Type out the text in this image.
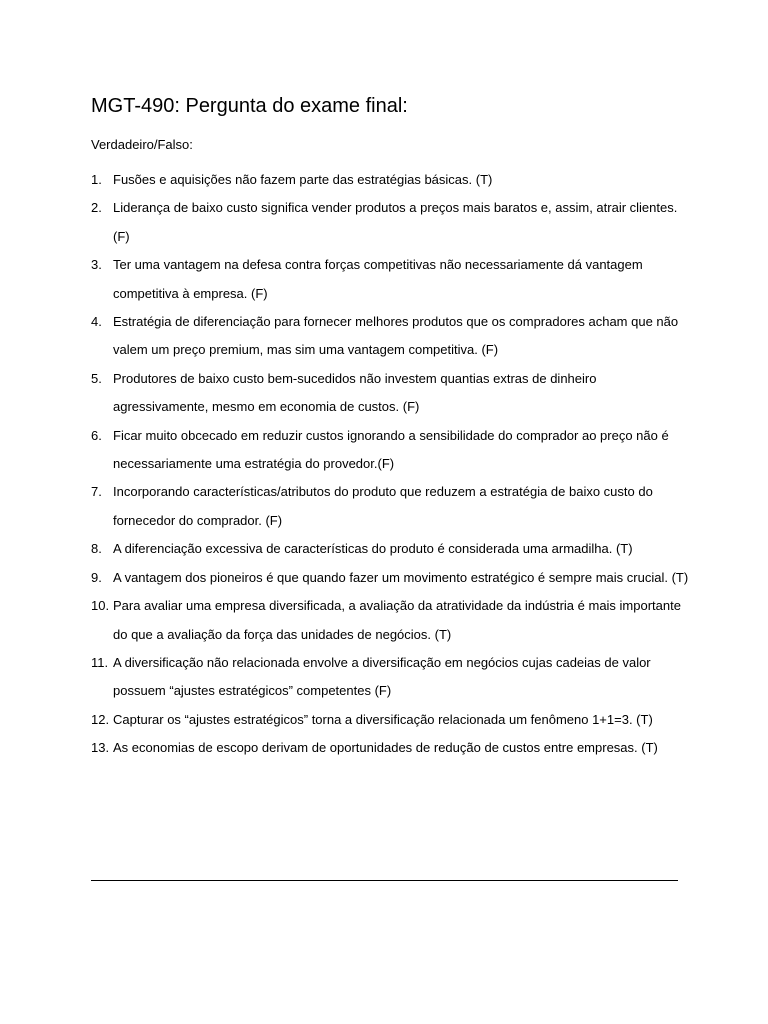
MGT-490: Pergunta do exame final:
Verdadeiro/Falso:
1. Fusões e aquisições não fazem parte das estratégias básicas. (T)
2. Liderança de baixo custo significa vender produtos a preços mais baratos e, assim, atrair clientes. (F)
3. Ter uma vantagem na defesa contra forças competitivas não necessariamente dá vantagem competitiva à empresa. (F)
4. Estratégia de diferenciação para fornecer melhores produtos que os compradores acham que não valem um preço premium, mas sim uma vantagem competitiva. (F)
5. Produtores de baixo custo bem-sucedidos não investem quantias extras de dinheiro agressivamente, mesmo em economia de custos. (F)
6. Ficar muito obcecado em reduzir custos ignorando a sensibilidade do comprador ao preço não é necessariamente uma estratégia do provedor.(F)
7. Incorporando características/atributos do produto que reduzem a estratégia de baixo custo do fornecedor do comprador. (F)
8. A diferenciação excessiva de características do produto é considerada uma armadilha. (T)
9. A vantagem dos pioneiros é que quando fazer um movimento estratégico é sempre mais crucial. (T)
10. Para avaliar uma empresa diversificada, a avaliação da atratividade da indústria é mais importante do que a avaliação da força das unidades de negócios. (T)
11. A diversificação não relacionada envolve a diversificação em negócios cujas cadeias de valor possuem “ajustes estratégicos” competentes (F)
12. Capturar os “ajustes estratégicos” torna a diversificação relacionada um fenômeno 1+1=3. (T)
13. As economias de escopo derivam de oportunidades de redução de custos entre empresas. (T)
